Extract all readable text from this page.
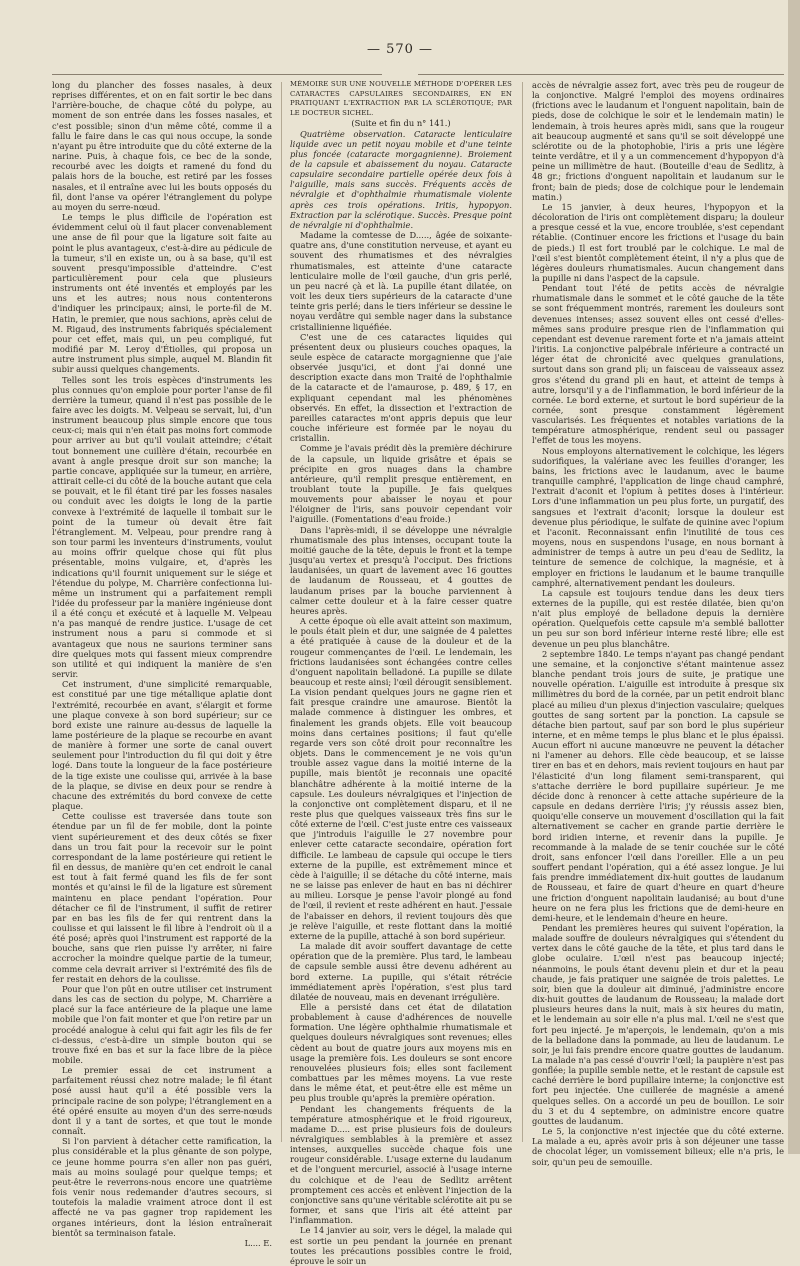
— 570 —

long du plancher des fosses nasales, à deux reprises différentes, et on en fait sortir le bec dans l'arrière-bouche, de chaque côté du polype, au moment de son entrée dans les fosses nasales, et c'est possible; sinon d'un même côté, comme il a fallu le faire dans le cas qui nous occupe, la sonde n'ayant pu être introduite que du côté externe de la narine. Puis, à chaque fois, ce bec de la sonde, recourbé avec les doigts et ramené du fond du palais hors de la bouche, est retiré par les fosses nasales, et il entraîne avec lui les bouts opposés du fil, dont l'anse va opérer l'étranglement du polype au moyen du serre-nœud.

Le temps le plus difficile de l'opération est évidemment celui où il faut placer convenablement une anse de fil pour que la ligature soit faite au point le plus avantageux, c'est-à-dire au pédicule de la tumeur, s'il en existe un, ou à sa base, qu'il est souvent presqu'impossible d'atteindre. C'est particulièrement pour cela que plusieurs instruments ont été inventés et employés par les uns et les autres; nous nous contenterons d'indiquer les principaux; ainsi, le porte-fil de M. Hatin, le premier, que nous sachions, après celui de M. Rigaud, des instruments fabriqués spécialement pour cet effet, mais qui, un peu compliqué, fut modifié par M. Leroy d'Étiolles, qui proposa un autre instrument plus simple, auquel M. Blandin fit subir aussi quelques changements.

Telles sont les trois espèces d'instruments les plus connues qu'on emploie pour porter l'anse de fil derrière la tumeur, quand il n'est pas possible de le faire avec les doigts. M. Velpeau se servait, lui, d'un instrument beaucoup plus simple encore que tous ceux-ci; mais qui n'en était pas moins fort commode pour arriver au but qu'il voulait atteindre; c'était tout bonnement une cuillère d'étain, recourbée en avant à angle presque droit sur son manche; la partie concave, appliquée sur la tumeur, en arrière, attirait celle-ci du côté de la bouche autant que cela se pouvait, et le fil étant tiré par les fosses nasales ou conduit avec les doigts le long de la partie convexe à l'extrémité de laquelle il tombait sur le point de la tumeur où devait être fait l'étranglement. M. Velpeau, pour prendre rang à son tour parmi les inventeurs d'instruments, voulut au moins offrir quelque chose qui fût plus présentable, moins vulgaire, et, d'après les indications qu'il fournit uniquement sur le siége et l'étendue du polype, M. Charrière confectionna lui-même un instrument qui a parfaitement rempli l'idée du professeur par la manière ingénieuse dont il a été conçu et exécuté et à laquelle M. Velpeau n'a pas manqué de rendre justice. L'usage de cet instrument nous a paru si commode et si avantageux que nous ne saurions terminer sans dire quelques mots qui fassent mieux comprendre son utilité et qui indiquent la manière de s'en servir.

Cet instrument, d'une simplicité remarquable, est constitué par une tige métallique aplatie dont l'extrémité, recourbée en avant, s'élargit et forme une plaque convexe à son bord supérieur; sur ce bord existe une rainure au-dessus de laquelle la lame postérieure de la plaque se recourbe en avant de manière à former une sorte de canal ouvert seulement pour l'introduction du fil qui doit y être logé. Dans toute la longueur de la face postérieure de la tige existe une coulisse qui, arrivée à la base de la plaque, se divise en deux pour se rendre à chacune des extrémités du bord convexe de cette plaque.

Cette coulisse est traversée dans toute son étendue par un fil de fer mobile, dont la pointe vient supérieurement et des deux côtés se fixer dans un trou fait pour la recevoir sur le point correspondant de la lame postérieure qui retient le fil en dessus, de manière qu'en cet endroit le canal est tout à fait fermé quand les fils de fer sont montés et qu'ainsi le fil de la ligature est sûrement maintenu en place pendant l'opération. Pour détacher ce fil de l'instrument, il suffit de retirer par en bas les fils de fer qui rentrent dans la coulisse et qui laissent le fil libre à l'endroit où il a été posé; après quoi l'instrument est rapporté de la bouche, sans que rien puisse l'y arrêter, ni faire accrocher la moindre quelque partie de la tumeur, comme cela devrait arriver si l'extrémité des fils de fer restait en dehors de la coulisse.

Pour que l'on pût en outre utiliser cet instrument dans les cas de section du polype, M. Charrière a placé sur la face antérieure de la plaque une lame mobile que l'on fait monter et que l'on retire par un procédé analogue à celui qui fait agir les fils de fer ci-dessus, c'est-à-dire un simple bouton qui se trouve fixé en bas et sur la face libre de la pièce mobile.

Le premier essai de cet instrument a parfaitement réussi chez notre malade; le fil étant posé aussi haut qu'il a été possible vers la principale racine de son polype; l'étranglement en a été opéré ensuite au moyen d'un des serre-nœuds dont il y a tant de sortes, et que tout le monde connaît.

Si l'on parvient à détacher cette ramification, la plus considérable et la plus gênante de son polype, ce jeune homme pourra s'en aller non pas guéri, mais au moins soulagé pour quelque temps; et peut-être le reverrons-nous encore une quatrième fois venir nous redemander d'autres secours, si toutefois la maladie vraiment atroce dont il est affecté ne va pas gagner trop rapidement les organes intérieurs, dont la lésion entraînerait bientôt sa terminaison fatale.

L.... E.

MÉMOIRE SUR UNE NOUVELLE MÉTHODE D'OPÉRER LES CATARACTES CAPSULAIRES SECONDAIRES, EN EN PRATIQUANT L'EXTRACTION PAR LA SCLÉROTIQUE; PAR LE DOCTEUR SICHEL.

(Suite et fin du n° 141.)

Quatrième observation. Cataracte lenticulaire liquide avec un petit noyau mobile et d'une teinte plus foncée (cataracte morgagnienne). Broiement de la capsule et abaissement du noyau. Cataracte capsulaire secondaire partielle opérée deux fois à l'aiguille, mais sans succès. Fréquents accès de névralgie et d'ophthalmie rhumatismale violente après ces trois opérations. Iritis, hypopyon. Extraction par la sclérotique. Succès. Presque point de névralgie ni d'ophthalmie.

Madame la comtesse de D....., âgée de soixante-quatre ans, d'une constitution nerveuse, et ayant eu souvent des rhumatismes et des névralgies rhumatismales, est atteinte d'une cataracte lenticulaire molle de l'œil gauche, d'un gris perlé, un peu nacré çà et là. La pupille étant dilatée, on voit les deux tiers supérieurs de la cataracte d'une teinte gris perlé; dans le tiers inférieur se dessine le noyau verdâtre qui semble nager dans la substance cristallinienne liquéfiée.

C'est une de ces cataractes liquides qui présentent deux ou plusieurs couches opaques, la seule espèce de cataracte morgagnienne que j'aie observée jusqu'ici, et dont j'ai donné une description exacte dans mon Traité de l'ophthalmie de la cataracte et de l'amaurose, p. 489, § 17, en expliquant cependant mal les phénomènes observés. En effet, la dissection et l'extraction de pareilles cataractes m'ont appris depuis que leur couche inférieure est formée par le noyau du cristallin.

Comme je l'avais prédit dès la première déchirure de la capsule, un liquide grisâtre et épais se précipite en gros nuages dans la chambre antérieure, qu'il remplit presque entièrement, en troublant toute la pupille. Je fais quelques mouvements pour abaisser le noyau et pour l'éloigner de l'iris, sans pouvoir cependant voir l'aiguille. (Fomentations d'eau froide.)

Dans l'après-midi, il se développe une névralgie rhumatismale des plus intenses, occupant toute la moitié gauche de la tête, depuis le front et la tempe jusqu'au vertex et presqu'à l'occiput. Des frictions laudanisées, un quart de lavement avec 16 gouttes de laudanum de Rousseau, et 4 gouttes de laudanum prises par la bouche parviennent à calmer cette douleur et à la faire cesser quatre heures après.

A cette époque où elle avait atteint son maximum, le pouls était plein et dur, une saignée de 4 palettes a été pratiquée à cause de la douleur et de la rougeur commençantes de l'œil. Le lendemain, les frictions laudanisées sont échangées contre celles d'onguent napolitain belladoné. La pupille se dilate beaucoup et reste ainsi; l'œil dérougit sensiblement. La vision pendant quelques jours ne gagne rien et fait presque craindre une amaurose. Bientôt la malade commence à distinguer les ombres, et finalement les grands objets. Elle voit beaucoup moins dans certaines positions; il faut qu'elle regarde vers son côté droit pour reconnaître les objets. Dans le commencement je ne vois qu'un trouble assez vague dans la moitié interne de la pupille, mais bientôt je reconnais une opacité blanchâtre adhérente à la moitié interne de la capsule. Les douleurs névralgiques et l'injection de la conjonctive ont complètement disparu, et il ne reste plus que quelques vaisseaux très fins sur le côté externe de l'œil. C'est juste entre ces vaisseaux que j'introduis l'aiguille le 27 novembre pour enlever cette cataracte secondaire, opération fort difficile. Le lambeau de capsule qui occupe le tiers externe de la pupille, est extrêmement mince et cède à l'aiguille; il se détache du côté interne, mais ne se laisse pas enlever de haut en bas ni déchirer au milieu. Lorsque je pense l'avoir plongé au fond de l'œil, il revient et reste adhérent en haut. J'essaie de l'abaisser en dehors, il revient toujours dès que je relève l'aiguille, et reste flottant dans la moitié externe de la pupille, attaché à son bord supérieur.

La malade dit avoir souffert davantage de cette opération que de la première. Plus tard, le lambeau de capsule semble aussi être devenu adhérent au bord externe. La pupille, qui s'était rétrécie immédiatement après l'opération, s'est plus tard dilatée de nouveau, mais en devenant irrégulière.

Elle a persisté dans cet état de dilatation probablement à cause d'adhérences de nouvelle formation. Une légère ophthalmie rhumatismale et quelques douleurs névralgiques sont revenues; elles cèdent au bout de quatre jours aux moyens mis en usage la première fois. Les douleurs se sont encore renouvelées plusieurs fois; elles sont facilement combattues par les mêmes moyens. La vue reste dans le même état, et peut-être elle est même un peu plus trouble qu'après la première opération.

Pendant les changements fréquents de la température atmosphérique et le froid rigoureux, madame D..... est prise plusieurs fois de douleurs névralgiques semblables à la première et assez intenses, auxquelles succède chaque fois une rougeur considérable. L'usage externe du laudanum et de l'onguent mercuriel, associé à l'usage interne du colchique et de l'eau de Sedlitz arrêtent promptement ces accès et enlèvent l'injection de la conjonctive sans qu'une véritable sclérotite ait pu se former, et sans que l'iris ait été atteint par l'inflammation.

Le 14 janvier au soir, vers le dégel, la malade qui est sortie un peu pendant la journée en prenant toutes les précautions possibles contre le froid, éprouve le soir un

accès de névralgie assez fort, avec très peu de rougeur de la conjonctive. Malgré l'emploi des moyens ordinaires (frictions avec le laudanum et l'onguent napolitain, bain de pieds, dose de colchique le soir et le lendemain matin) le lendemain, à trois heures après midi, sans que la rougeur ait beaucoup augmenté et sans qu'il se soit développé une sclérotite ou de la photophobie, l'iris a pris une légère teinte verdâtre, et il y a un commencement d'hypopyon d'à peine un millimètre de haut. (Bouteille d'eau de Sedlitz, à 48 gr.; frictions d'onguent napolitain et laudanum sur le front; bain de pieds; dose de colchique pour le lendemain matin.)

Le 15 janvier, à deux heures, l'hypopyon et la décoloration de l'iris ont complètement disparu; la douleur a presque cessé et la vue, encore troublée, s'est cependant rétablie. (Continuer encore les frictions et l'usage du bain de pieds.) Il est fort troublé par le colchique. Le mal de l'œil s'est bientôt complètement éteint, il n'y a plus que de légères douleurs rhumatismales. Aucun changement dans la pupille ni dans l'aspect de la capsule.

Pendant tout l'été de petits accès de névralgie rhumatismale dans le sommet et le côté gauche de la tête se sont fréquemment montrés, rarement les douleurs sont devenues intenses; assez souvent elles ont cessé d'elles-mêmes sans produire presque rien de l'inflammation qui cependant est devenue rarement forte et n'a jamais atteint l'iritis. La conjonctive palpébrale inférieure a contracté un léger état de chronicité avec quelques granulations, surtout dans son grand pli; un faisceau de vaisseaux assez gros s'étend du grand pli en haut, et atteint de temps à autre, lorsqu'il y a de l'inflammation, le bord inférieur de la cornée. Le bord externe, et surtout le bord supérieur de la cornée, sont presque constamment légèrement vascularisés. Les fréquentes et notables variations de la température atmosphérique, rendent seul ou passager l'effet de tous les moyens.

Nous employons alternativement le colchique, les légers sudorifiques, la valériane avec les feuilles d'oranger, les bains, les frictions avec le laudanum, avec le baume tranquille camphré, l'application de linge chaud camphré, l'extrait d'aconit et l'opium à petites doses à l'intérieur. Lors d'une inflammation un peu plus forte, un purgatif, des sangsues et l'extrait d'aconit; lorsque la douleur est devenue plus périodique, le sulfate de quinine avec l'opium et l'aconit. Reconnaissant enfin l'inutilité de tous ces moyens, nous en suspendons l'usage, en nous bornant à administrer de temps à autre un peu d'eau de Sedlitz, la teinture de semence de colchique, la magnésie, et à employer en frictions le laudanum et le baume tranquille camphré, alternativement pendant les douleurs.

La capsule est toujours tendue dans les deux tiers externes de la pupille, qui est restée dilatée, bien qu'on n'ait plus employé de belladone depuis la dernière opération. Quelquefois cette capsule m'a semblé ballotter un peu sur son bord inférieur interne resté libre; elle est devenue un peu plus blanchâtre.

2 septembre 1840. Le temps n'ayant pas changé pendant une semaine, et la conjonctive s'étant maintenue assez blanche pendant trois jours de suite, je pratique une nouvelle opération. L'aiguille est introduite à presque six millimètres du bord de la cornée, par un petit endroit blanc placé au milieu d'un plexus d'injection vasculaire; quelques gouttes de sang sortent par la ponction. La capsule se détache bien partout, sauf par son bord le plus supérieur interne, et en même temps le plus blanc et le plus épaissi. Aucun effort ni aucune manœuvre ne peuvent la détacher ni l'amener au dehors. Elle cède beaucoup, et se laisse tirer en bas et en dehors, mais revient toujours en haut par l'élasticité d'un long filament semi-transparent, qui s'attache derrière le bord pupillaire supérieur. Je me décide donc à renoncer à cette attache supérieure de la capsule en dedans derrière l'iris; j'y réussis assez bien, quoiqu'elle conserve un mouvement d'oscillation qui la fait alternativement se cacher en grande partie derrière le bord iridien interne, et revenir dans la pupille. Je recommande à la malade de se tenir couchée sur le côté droit, sans enfoncer l'œil dans l'oreiller. Elle a un peu souffert pendant l'opération, qui a été assez longue. Je lui fais prendre immédiatement dix-huit gouttes de laudanum de Rousseau, et faire de quart d'heure en quart d'heure une friction d'onguent napolitain laudanisé; au bout d'une heure on ne fera plus les frictions que de demi-heure en demi-heure, et le lendemain d'heure en heure.

Pendant les premières heures qui suivent l'opération, la malade souffre de douleurs névralgiques qui s'étendent du vertex dans le côté gauche de la tête, et plus tard dans le globe oculaire. L'œil n'est pas beaucoup injecté; néanmoins, le pouls étant devenu plein et dur et la peau chaude, je fais pratiquer une saignée de trois palettes. Le soir, bien que la douleur ait diminué, j'administre encore dix-huit gouttes de laudanum de Rousseau; la malade dort plusieurs heures dans la nuit, mais à six heures du matin, et le lendemain au soir elle n'a plus mal. L'œil ne s'est que fort peu injecté. Je m'aperçois, le lendemain, qu'on a mis de la belladone dans la pommade, au lieu de laudanum. Le soir, je lui fais prendre encore quatre gouttes de laudanum. La malade n'a pas cessé d'ouvrir l'œil; la paupière n'est pas gonflée; la pupille semble nette, et le restant de capsule est caché derrière le bord pupillaire interne; la conjonctive est fort peu injectée. Une cuillerée de magnésie a amené quelques selles. On a accordé un peu de bouillon. Le soir du 3 et du 4 septembre, on administre encore quatre gouttes de laudanum.

Le 5, la conjonctive n'est injectée que du côté externe. La malade a eu, après avoir pris à son déjeuner une tasse de chocolat léger, un vomissement bilieux; elle n'a pris, le soir, qu'un peu de semouille.
